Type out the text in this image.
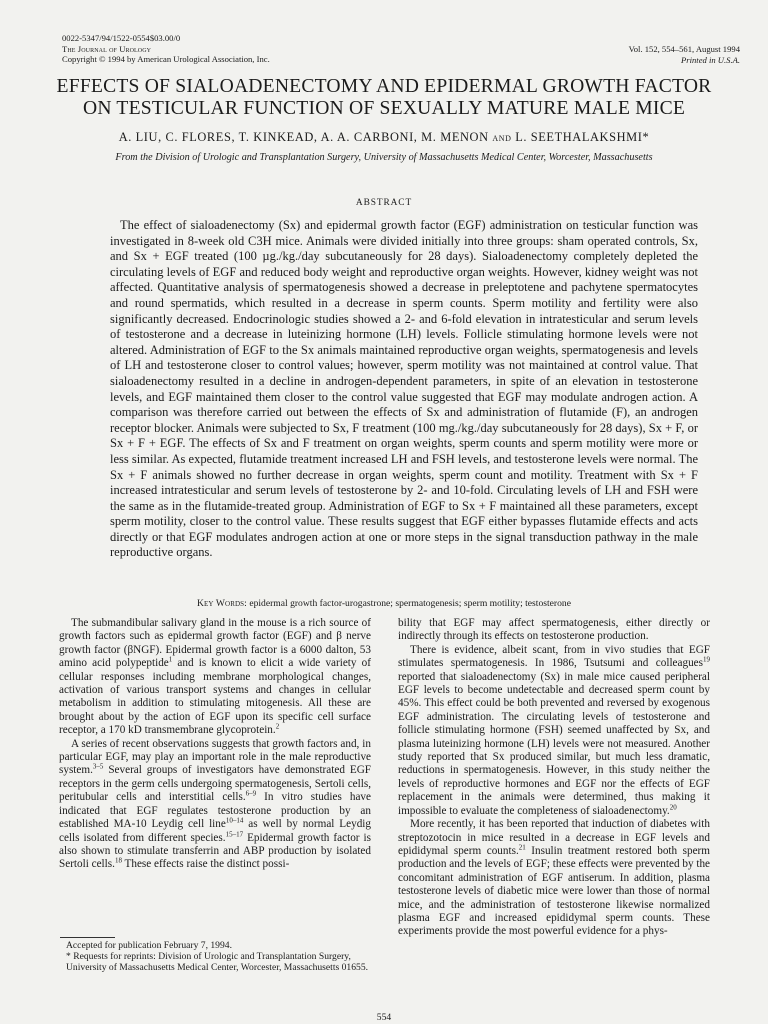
0022-5347/94/1522-0554$03.00/0
The Journal of Urology
Copyright © 1994 by American Urological Association, Inc.
Vol. 152, 554–561, August 1994
Printed in U.S.A.
EFFECTS OF SIALOADENECTOMY AND EPIDERMAL GROWTH FACTOR
ON TESTICULAR FUNCTION OF SEXUALLY MATURE MALE MICE
A. LIU, C. FLORES, T. KINKEAD, A. A. CARBONI, M. MENON and L. SEETHALAKSHMI*
From the Division of Urologic and Transplantation Surgery, University of Massachusetts Medical Center, Worcester, Massachusetts
ABSTRACT

The effect of sialoadenectomy (Sx) and epidermal growth factor (EGF) administration on testicular function was investigated in 8-week old C3H mice. Animals were divided initially into three groups: sham operated controls, Sx, and Sx + EGF treated (100 µg./kg./day subcutaneously for 28 days). Sialoadenectomy completely depleted the circulating levels of EGF and reduced body weight and reproductive organ weights. However, kidney weight was not affected. Quantitative analysis of spermatogenesis showed a decrease in preleptotene and pachytene spermatocytes and round spermatids, which resulted in a decrease in sperm counts. Sperm motility and fertility were also significantly decreased. Endocrinologic studies showed a 2- and 6-fold elevation in intratesticular and serum levels of testosterone and a decrease in luteinizing hormone (LH) levels. Follicle stimulating hormone levels were not altered. Administration of EGF to the Sx animals maintained reproductive organ weights, spermatogenesis and levels of LH and testosterone closer to control values; however, sperm motility was not maintained at control value. That sialoadenectomy resulted in a decline in androgen-dependent parameters, in spite of an elevation in testosterone levels, and EGF maintained them closer to the control value suggested that EGF may modulate androgen action. A comparison was therefore carried out between the effects of Sx and administration of flutamide (F), an androgen receptor blocker. Animals were subjected to Sx, F treatment (100 mg./kg./day subcutaneously for 28 days), Sx + F, or Sx + F + EGF. The effects of Sx and F treatment on organ weights, sperm counts and sperm motility were more or less similar. As expected, flutamide treatment increased LH and FSH levels, and testosterone levels were normal. The Sx + F animals showed no further decrease in organ weights, sperm count and motility. Treatment with Sx + F increased intratesticular and serum levels of testosterone by 2- and 10-fold. Circulating levels of LH and FSH were the same as in the flutamide-treated group. Administration of EGF to Sx + F maintained all these parameters, except sperm motility, closer to the control value. These results suggest that EGF either bypasses flutamide effects and acts directly or that EGF modulates androgen action at one or more steps in the signal transduction pathway in the male reproductive organs.

Key Words: epidermal growth factor-urogastrone; spermatogenesis; sperm motility; testosterone

The submandibular salivary gland in the mouse is a rich source of growth factors such as epidermal growth factor (EGF) and β nerve growth factor (βNGF). Epidermal growth factor is a 6000 dalton, 53 amino acid polypeptide$^1$ and is known to elicit a wide variety of cellular responses including membrane morphological changes, activation of various transport systems and changes in cellular metabolism in addition to stimulating mitogenesis. All these are brought about by the action of EGF upon its specific cell surface receptor, a 170 kD transmembrane glycoprotein.$^2$

A series of recent observations suggests that growth factors and, in particular EGF, may play an important role in the male reproductive system.$^{3-5}$ Several groups of investigators have demonstrated EGF receptors in the germ cells undergoing spermatogenesis, Sertoli cells, peritubular cells and interstitial cells.$^{6-9}$ In vitro studies have indicated that EGF regulates testosterone production by an established MA-10 Leydig cell line$^{10-14}$ as well by normal Leydig cells isolated from different species.$^{15-17}$ Epidermal growth factor is also shown to stimulate transferrin and ABP production by isolated Sertoli cells.$^{18}$ These effects raise the distinct possi-

bility that EGF may affect spermatogenesis, either directly or indirectly through its effects on testosterone production.

There is evidence, albeit scant, from in vivo studies that EGF stimulates spermatogenesis. In 1986, Tsutsumi and colleagues$^{19}$ reported that sialoadenectomy (Sx) in male mice caused peripheral EGF levels to become undetectable and decreased sperm count by 45%. This effect could be both prevented and reversed by exogenous EGF administration. The circulating levels of testosterone and follicle stimulating hormone (FSH) seemed unaffected by Sx, and plasma luteinizing hormone (LH) levels were not measured. Another study reported that Sx produced similar, but much less dramatic, reductions in spermatogenesis. However, in this study neither the levels of reproductive hormones and EGF nor the effects of EGF replacement in the animals were determined, thus making it impossible to evaluate the completeness of sialoadenectomy.$^{20}$

More recently, it has been reported that induction of diabetes with streptozotocin in mice resulted in a decrease in EGF levels and epididymal sperm counts.$^{21}$ Insulin treatment restored both sperm production and the levels of EGF; these effects were prevented by the concomitant administration of EGF antiserum. In addition, plasma testosterone levels of diabetic mice were lower than those of normal mice, and the administration of testosterone likewise normalized plasma EGF and increased epididymal sperm counts. These experiments provide the most powerful evidence for a phys-

Accepted for publication February 7, 1994.
* Requests for reprints: Division of Urologic and Transplantation Surgery, University of Massachusetts Medical Center, Worcester, Massachusetts 01655.
554
